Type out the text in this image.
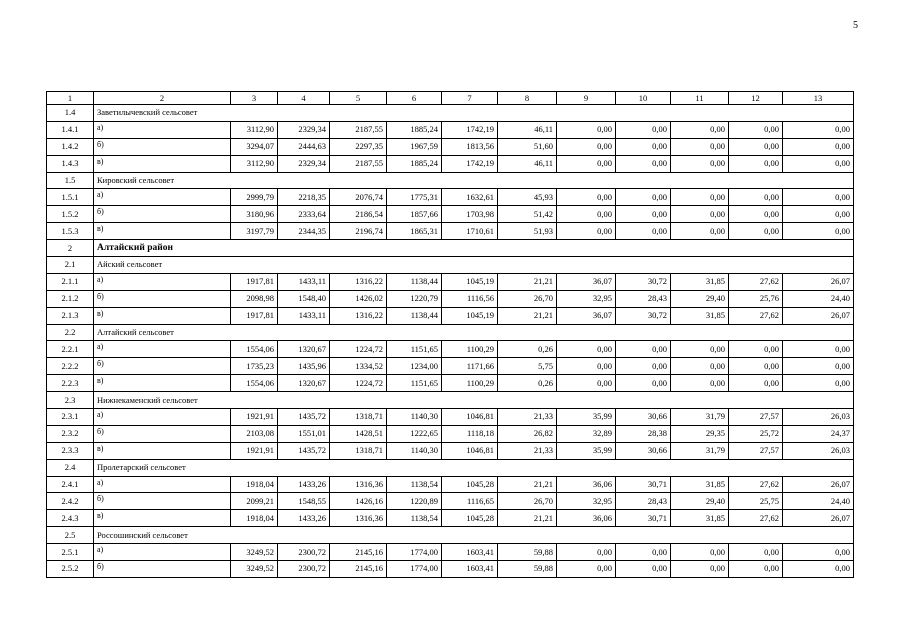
5
1	2	3	4	5	6	7	8	9	10	11	12	13
1.4	Заветилычевский сельсовет											
1.4.1	а)	3112,90	2329,34	2187,55	1885,24	1742,19	46,11	0,00	0,00	0,00	0,00	0,00
1.4.2	б)	3294,07	2444,63	2297,35	1967,59	1813,56	51,60	0,00	0,00	0,00	0,00	0,00
1.4.3	в)	3112,90	2329,34	2187,55	1885,24	1742,19	46,11	0,00	0,00	0,00	0,00	0,00
1.5	Кировский сельсовет											
1.5.1	а)	2999,79	2218,35	2076,74	1775,31	1632,61	45,93	0,00	0,00	0,00	0,00	0,00
1.5.2	б)	3180,96	2333,64	2186,54	1857,66	1703,98	51,42	0,00	0,00	0,00	0,00	0,00
1.5.3	в)	3197,79	2344,35	2196,74	1865,31	1710,61	51,93	0,00	0,00	0,00	0,00	0,00
2	Алтайский район											
2.1	Айский сельсовет											
2.1.1	а)	1917,81	1433,11	1316,22	1138,44	1045,19	21,21	36,07	30,72	31,85	27,62	26,07
2.1.2	б)	2098,98	1548,40	1426,02	1220,79	1116,56	26,70	32,95	28,43	29,40	25,76	24,40
2.1.3	в)	1917,81	1433,11	1316,22	1138,44	1045,19	21,21	36,07	30,72	31,85	27,62	26,07
2.2	Алтайский сельсовет											
2.2.1	а)	1554,06	1320,67	1224,72	1151,65	1100,29	0,26	0,00	0,00	0,00	0,00	0,00
2.2.2	б)	1735,23	1435,96	1334,52	1234,00	1171,66	5,75	0,00	0,00	0,00	0,00	0,00
2.2.3	в)	1554,06	1320,67	1224,72	1151,65	1100,29	0,26	0,00	0,00	0,00	0,00	0,00
2.3	Нижнекаменский сельсовет											
2.3.1	а)	1921,91	1435,72	1318,71	1140,30	1046,81	21,33	35,99	30,66	31,79	27,57	26,03
2.3.2	б)	2103,08	1551,01	1428,51	1222,65	1118,18	26,82	32,89	28,38	29,35	25,72	24,37
2.3.3	в)	1921,91	1435,72	1318,71	1140,30	1046,81	21,33	35,99	30,66	31,79	27,57	26,03
2.4	Пролетарский сельсовет											
2.4.1	а)	1918,04	1433,26	1316,36	1138,54	1045,28	21,21	36,06	30,71	31,85	27,62	26,07
2.4.2	б)	2099,21	1548,55	1426,16	1220,89	1116,65	26,70	32,95	28,43	29,40	25,75	24,40
2.4.3	в)	1918,04	1433,26	1316,36	1138,54	1045,28	21,21	36,06	30,71	31,85	27,62	26,07
2.5	Россошинский сельсовет											
2.5.1	а)	3249,52	2300,72	2145,16	1774,00	1603,41	59,88	0,00	0,00	0,00	0,00	0,00
2.5.2	б)	3249,52	2300,72	2145,16	1774,00	1603,41	59,88	0,00	0,00	0,00	0,00	0,00
